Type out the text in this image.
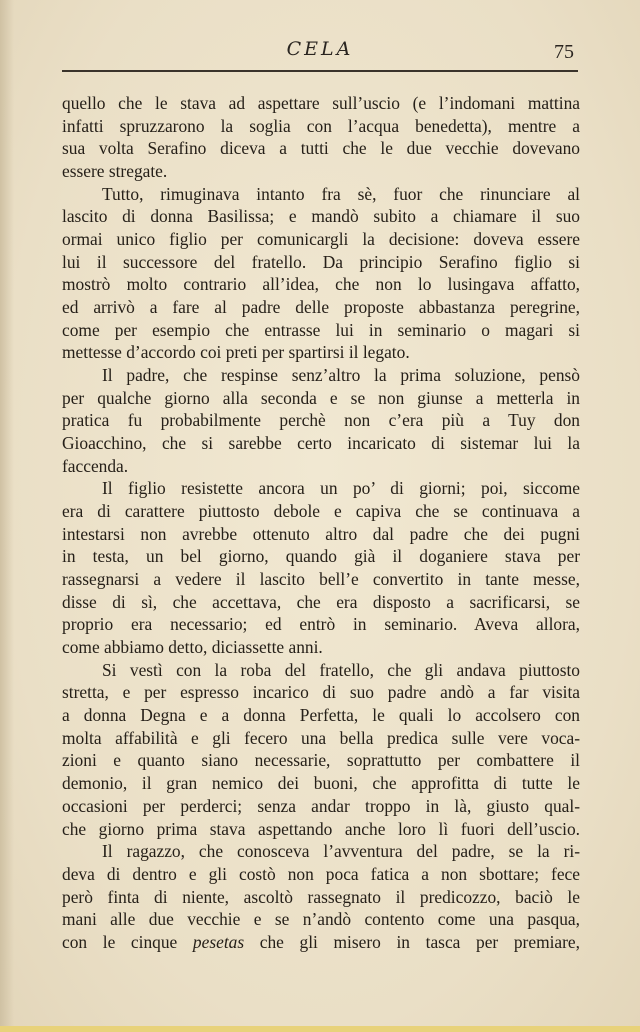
CELA	75
quello che le stava ad aspettare sull’uscio (e l’indomani mattina
infatti spruzzarono la soglia con l’acqua benedetta), mentre a
sua volta Serafino diceva a tutti che le due vecchie dovevano
essere stregate.
Tutto, rimuginava intanto fra sè, fuor che rinunciare al
lascito di donna Basilissa; e mandò subito a chiamare il suo
ormai unico figlio per comunicargli la decisione: doveva essere
lui il successore del fratello. Da principio Serafino figlio si
mostrò molto contrario all’idea, che non lo lusingava affatto,
ed arrivò a fare al padre delle proposte abbastanza peregrine,
come per esempio che entrasse lui in seminario o magari si
mettesse d’accordo coi preti per spartirsi il legato.
Il padre, che respinse senz’altro la prima soluzione, pensò
per qualche giorno alla seconda e se non giunse a metterla in
pratica fu probabilmente perchè non c’era più a Tuy don
Gioacchino, che si sarebbe certo incaricato di sistemar lui la
faccenda.
Il figlio resistette ancora un po’ di giorni; poi, siccome
era di carattere piuttosto debole e capiva che se continuava a
intestarsi non avrebbe ottenuto altro dal padre che dei pugni
in testa, un bel giorno, quando già il doganiere stava per
rassegnarsi a vedere il lascito bell’e convertito in tante messe,
disse di sì, che accettava, che era disposto a sacrificarsi, se
proprio era necessario; ed entrò in seminario. Aveva allora,
come abbiamo detto, diciassette anni.
Si vestì con la roba del fratello, che gli andava piuttosto
stretta, e per espresso incarico di suo padre andò a far visita
a donna Degna e a donna Perfetta, le quali lo accolsero con
molta affabilità e gli fecero una bella predica sulle vere voca-
zioni e quanto siano necessarie, soprattutto per combattere il
demonio, il gran nemico dei buoni, che approfitta di tutte le
occasioni per perderci; senza andar troppo in là, giusto qual-
che giorno prima stava aspettando anche loro lì fuori dell’uscio.
Il ragazzo, che conosceva l’avventura del padre, se la ri-
deva di dentro e gli costò non poca fatica a non sbottare; fece
però finta di niente, ascoltò rassegnato il predicozzo, baciò le
mani alle due vecchie e se n’andò contento come una pasqua,
con le cinque pesetas che gli misero in tasca per premiare,
